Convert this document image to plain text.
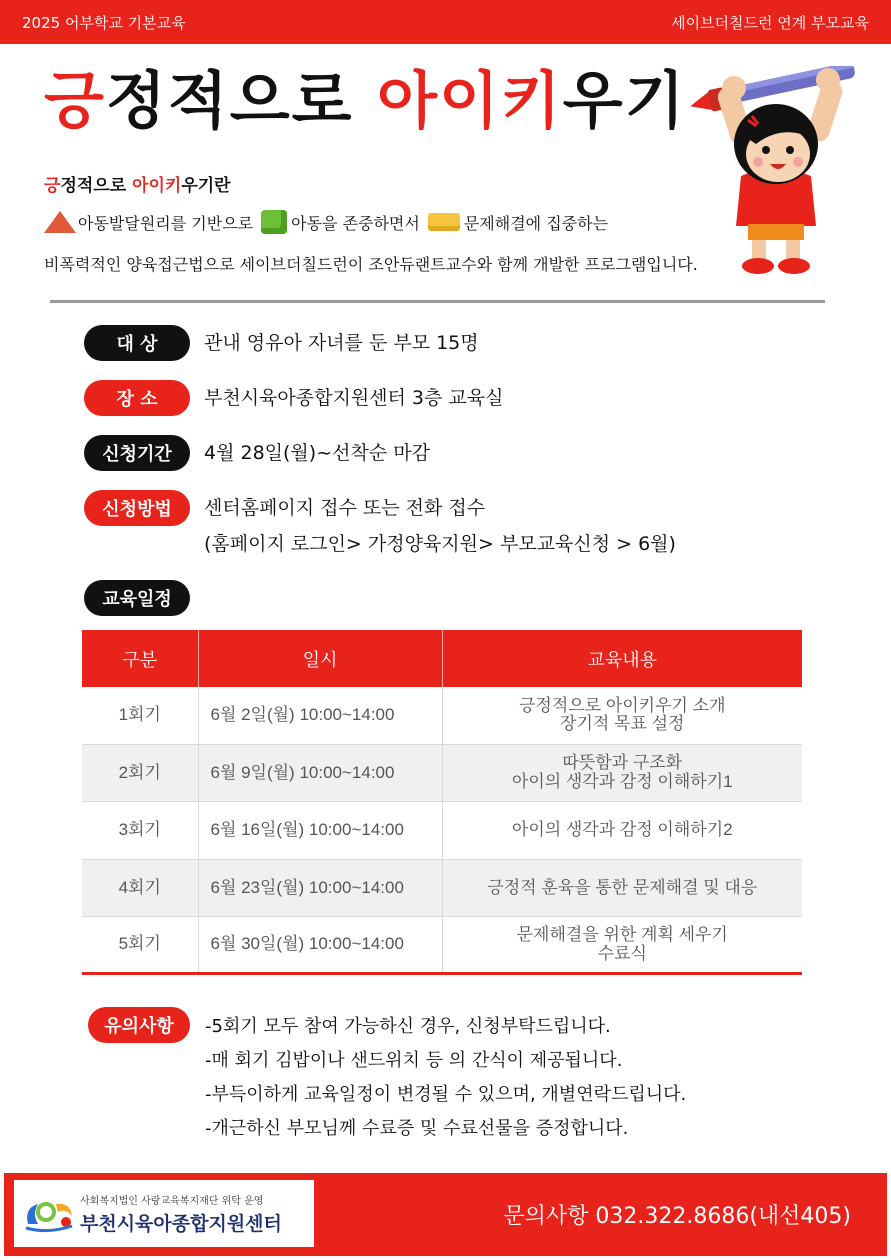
2025 어부학교 기본교육	세이브더칠드런 연계 부모교육
긍정적으로 아이키우기
긍정적으로 아이키우기란
아동발달원리를 기반으로 아동을 존중하면서	문제해결에 집중하는
비폭력적인 양육접근법으로 세이브더칠드런이 조안듀랜트교수와 함께 개발한 프로그램입니다.
대 상	관내 영유아 자녀를 둔 부모 15명
장 소	부천시육아종합지원센터 3층 교육실
신청기간	4월 28일(월)~선착순 마감
신청방법	센터홈페이지 접수 또는 전화 접수
(홈페이지 로그인> 가정양육지원> 부모교육신청 > 6월)
교육일정
구분	일시	교육내용
1회기	6월 2일(월) 10:00~14:00	긍정적으로 아이키우기 소개
장기적 목표 설정

2회기	6월 9일(월) 10:00~14:00	따뜻함과 구조화
아이의 생각과 감정 이해하기1

3회기	6월 16일(월) 10:00~14:00	아이의 생각과 감정 이해하기2
4회기	6월 23일(월) 10:00~14:00	긍정적 훈육을 통한 문제해결 및 대응
5회기	6월 30일(월) 10:00~14:00	문제해결을 위한 계획 세우기
수료식
유의사항	-5회기 모두 참여 가능하신 경우, 신청부탁드립니다.
-매 회기 김밥이나 샌드위치 등 의 간식이 제공됩니다.
-부득이하게 교육일정이 변경될 수 있으며, 개별연락드립니다.
-개근하신 부모님께 수료증 및 수료선물을 증정합니다.
사회복지법인 사랑교육복지재단 위탁 운영
부천시육아종합지원센터	문의사항 032.322.8686(내선405)
